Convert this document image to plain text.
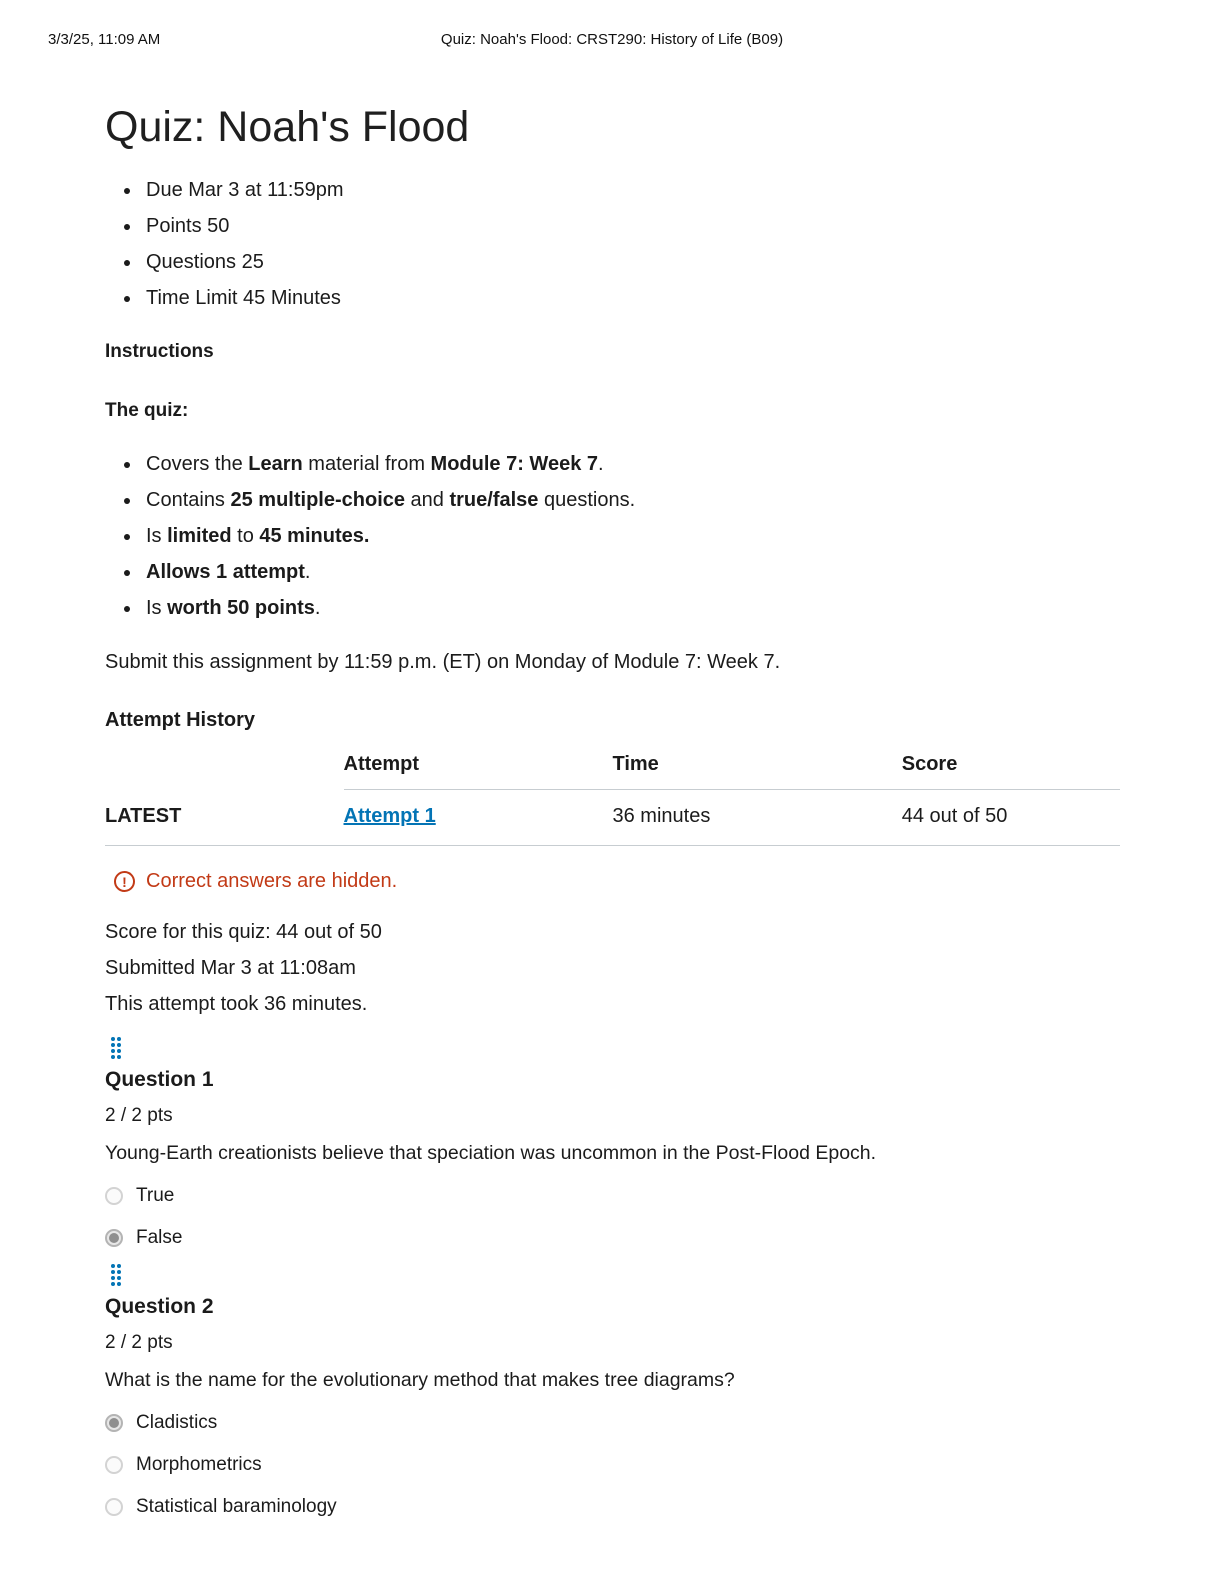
3/3/25, 11:09 AM	Quiz: Noah's Flood: CRST290: History of Life (B09)
Quiz: Noah's Flood
• Due Mar 3 at 11:59pm
• Points 50
• Questions 25
• Time Limit 45 Minutes
Instructions

The quiz:

• Covers the Learn material from Module 7: Week 7.
• Contains 25 multiple-choice and true/false questions.
• Is limited to 45 minutes.
• Allows 1 attempt.
• Is worth 50 points.

Submit this assignment by 11:59 p.m. (ET) on Monday of Module 7: Week 7.

Attempt History
	Attempt	Time	Score
LATEST	Attempt 1	36 minutes	44 out of 50
! Correct answers are hidden.

Score for this quiz: 44 out of 50

Submitted Mar 3 at 11:08am

This attempt took 36 minutes.

Question 1
2 / 2 pts

Young-Earth creationists believe that speciation was uncommon in the Post-Flood Epoch.

True
False
Question 2
2 / 2 pts

What is the name for the evolutionary method that makes tree diagrams?

Cladistics
Morphometrics
Statistical baraminology
